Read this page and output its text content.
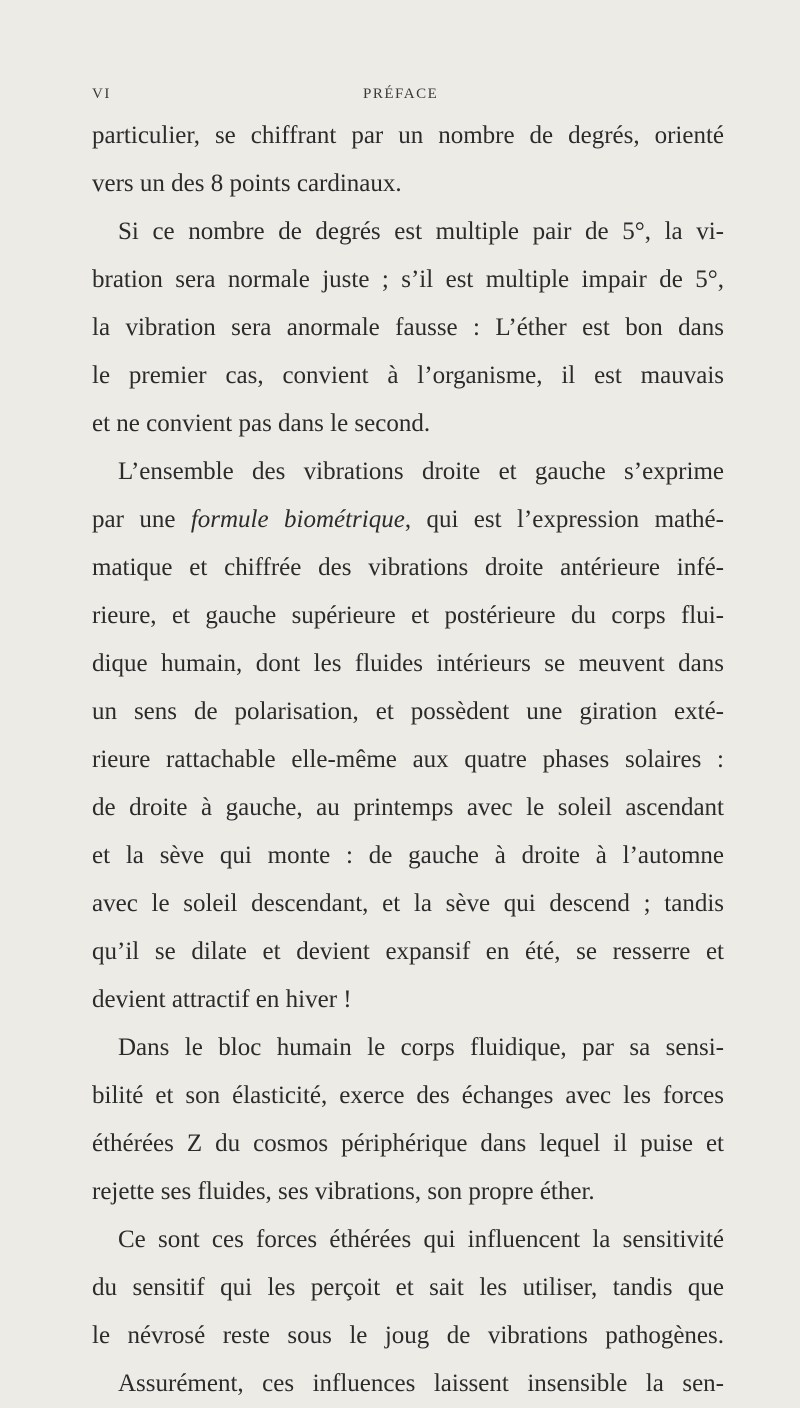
VI	PRÉFACE
particulier, se chiffrant par un nombre de degrés, orienté
vers un des 8 points cardinaux.
Si ce nombre de degrés est multiple pair de 5°, la vi-
bration sera normale juste ; s’il est multiple impair de 5°,
la vibration sera anormale fausse : L’éther est bon dans
le premier cas, convient à l’organisme, il est mauvais
et ne convient pas dans le second.
L’ensemble des vibrations droite et gauche s’exprime
par une formule biométrique, qui est l’expression mathé-
matique et chiffrée des vibrations droite antérieure infé-
rieure, et gauche supérieure et postérieure du corps flui-
dique humain, dont les fluides intérieurs se meuvent dans
un sens de polarisation, et possèdent une giration exté-
rieure rattachable elle-même aux quatre phases solaires :
de droite à gauche, au printemps avec le soleil ascendant
et la sève qui monte : de gauche à droite à l’automne
avec le soleil descendant, et la sève qui descend ; tandis
qu’il se dilate et devient expansif en été, se resserre et
devient attractif en hiver !
Dans le bloc humain le corps fluidique, par sa sensi-
bilité et son élasticité, exerce des échanges avec les forces
éthérées Z du cosmos périphérique dans lequel il puise et
rejette ses fluides, ses vibrations, son propre éther.
Ce sont ces forces éthérées qui influencent la sensitivité
du sensitif qui les perçoit et sait les utiliser, tandis que
le névrosé reste sous le joug de vibrations pathogènes.
Assurément, ces influences laissent insensible la sen-
